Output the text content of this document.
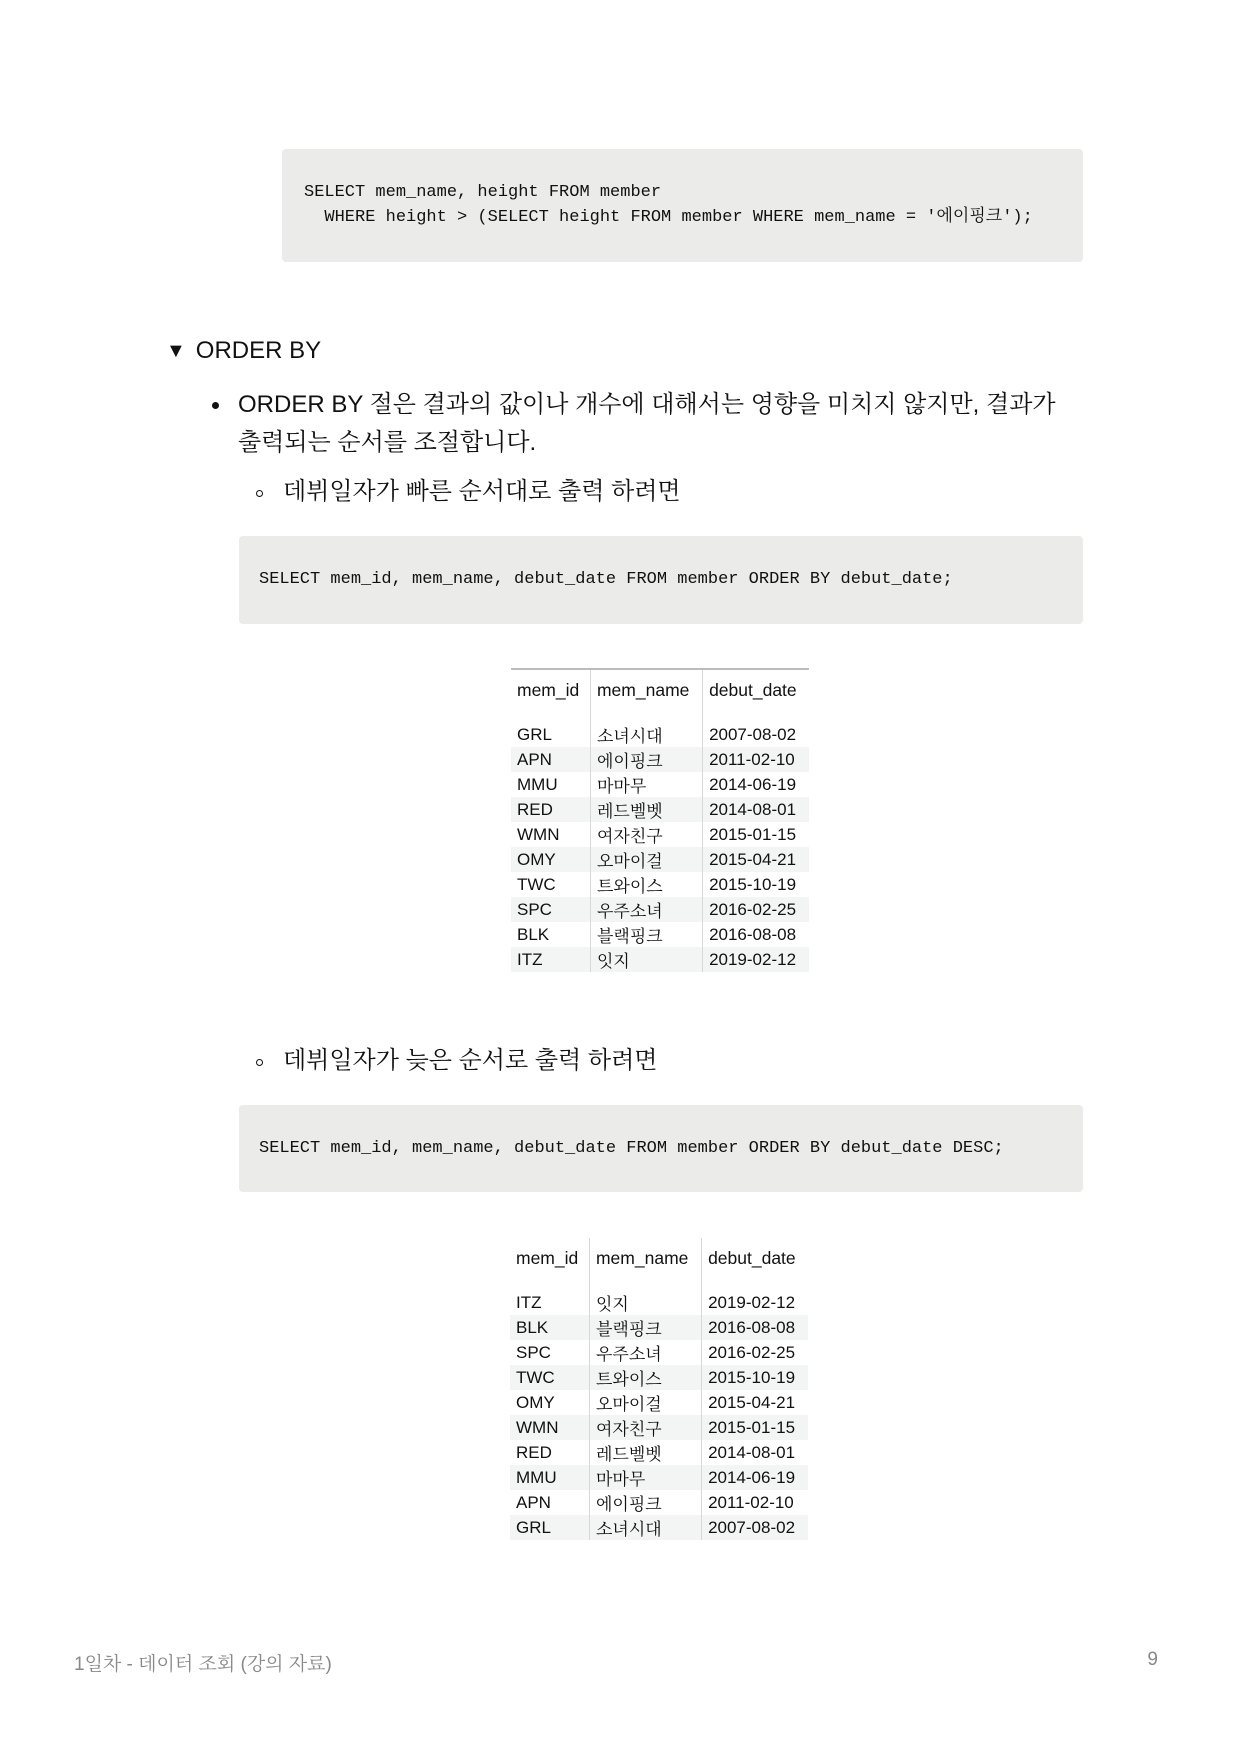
SELECT mem_name, height FROM member
WHERE height > (SELECT height FROM member WHERE mem_name = '에이핑크');
▼ ORDER BY
ORDER BY 절은 결과의 값이나 개수에 대해서는 영향을 미치지 않지만, 결과가
출력되는 순서를 조절합니다.
데뷔일자가 빠른 순서대로 출력 하려면
SELECT mem_id, mem_name, debut_date FROM member ORDER BY debut_date;
mem_id	mem_name	debut_date

GRL	소녀시대	2007-08-02
APN	에이핑크	2011-02-10
MMU	마마무	2014-06-19
RED	레드벨벳	2014-08-01
WMN	여자친구	2015-01-15
OMY	오마이걸	2015-04-21
TWC	트와이스	2015-10-19
SPC	우주소녀	2016-02-25
BLK	블랙핑크	2016-08-08
ITZ	잇지	2019-02-12
데뷔일자가 늦은 순서로 출력 하려면
SELECT mem_id, mem_name, debut_date FROM member ORDER BY debut_date DESC;
mem_id	mem_name	debut_date

ITZ	잇지	2019-02-12
BLK	블랙핑크	2016-08-08
SPC	우주소녀	2016-02-25
TWC	트와이스	2015-10-19
OMY	오마이걸	2015-04-21
WMN	여자친구	2015-01-15
RED	레드벨벳	2014-08-01
MMU	마마무	2014-06-19
APN	에이핑크	2011-02-10
GRL	소녀시대	2007-08-02
1일차 - 데이터 조회 (강의 자료)	9
